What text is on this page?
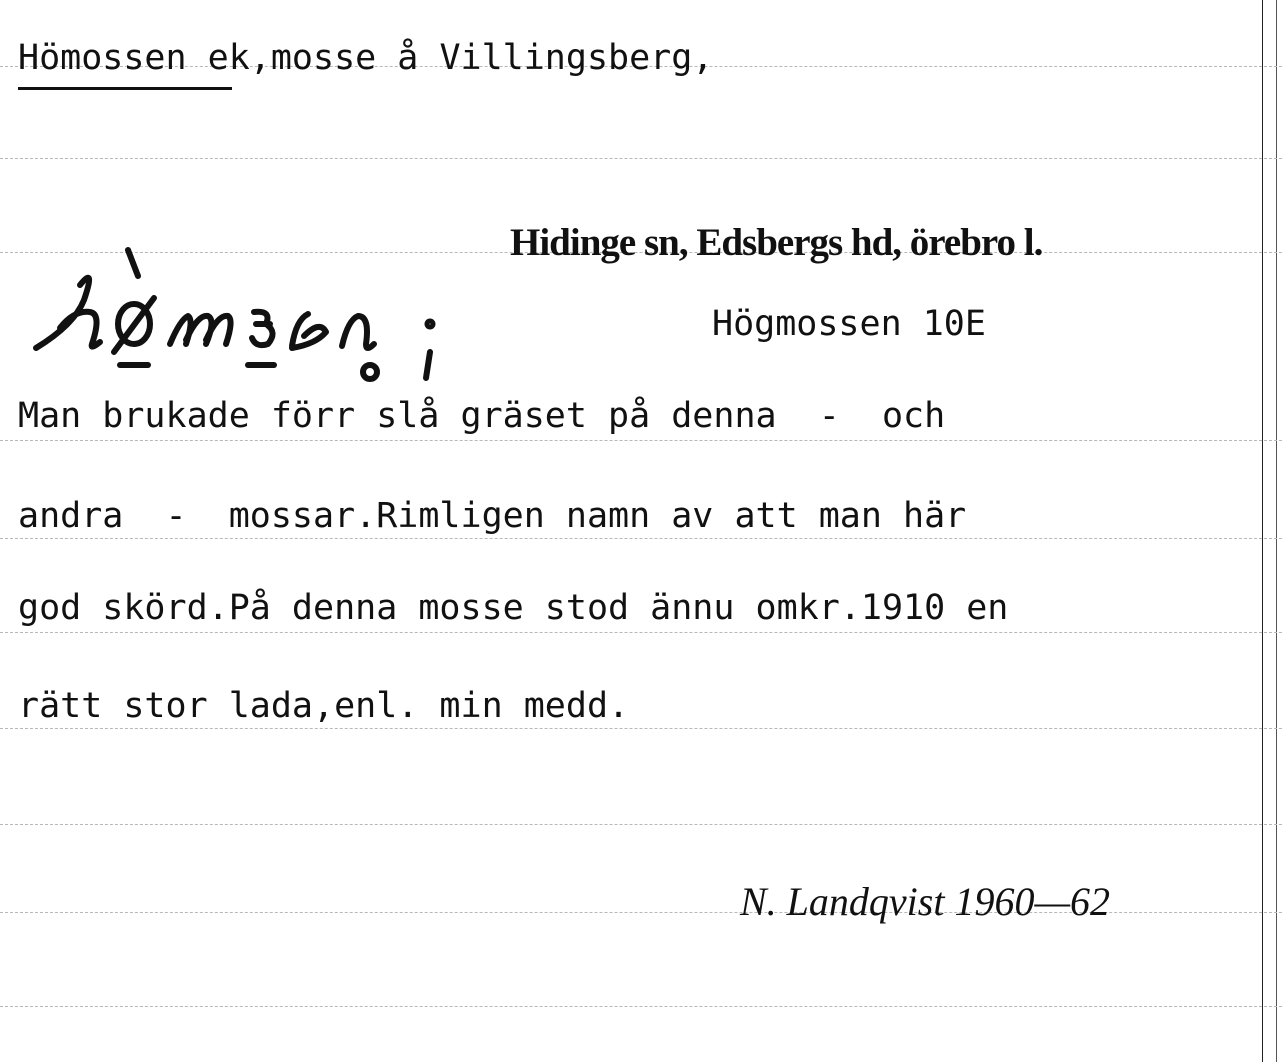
Hömossen ek,mosse å Villingsberg,

Hidinge sn, Edsbergs hd, örebro l.

Högmossen 10E

Man brukade förr slå gräset på denna  -  och

andra  -  mossar.Rimligen namn av att man här

god skörd.På denna mosse stod ännu omkr.1910 en

rätt stor lada,enl. min medd.

N. Landqvist 1960—62
